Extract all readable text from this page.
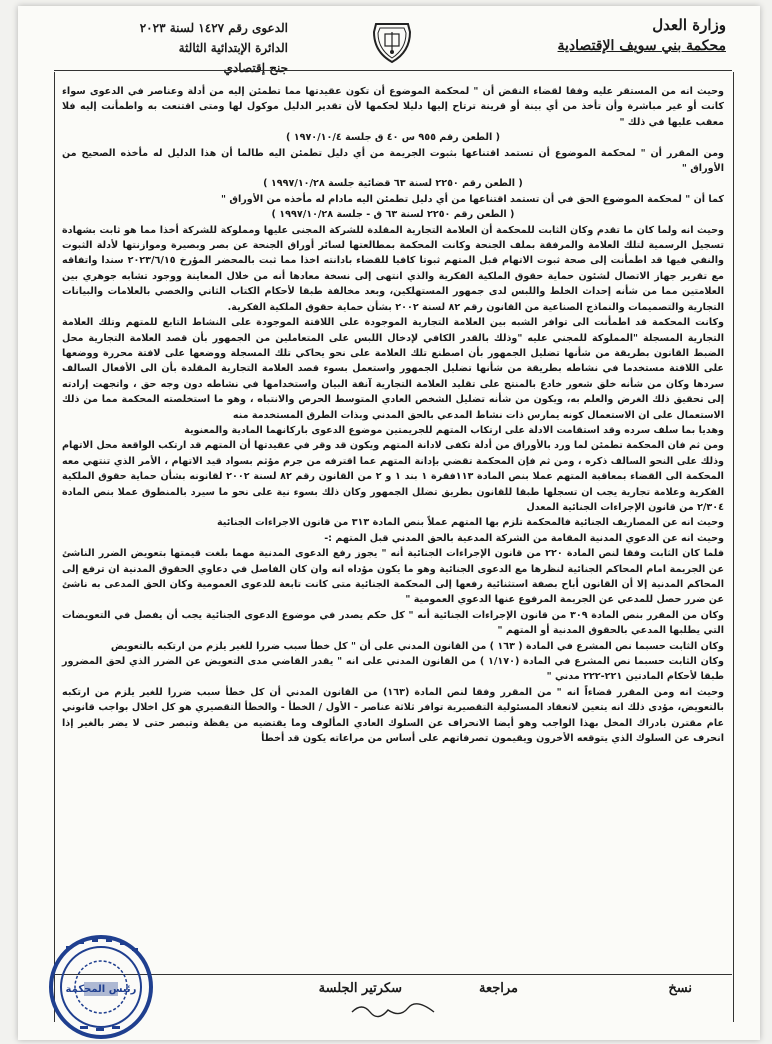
وزارة العدل
محكمة بني سويف الإقتصادية
الدعوى رقم ١٤٢٧ لسنة ٢٠٢٣
الدائرة الإبتدائية الثالثة
جنح إقتصادي

وحيث انه من المستقر عليه وفقا لقضاء النقض أن " لمحكمة الموضوع أن تكون عقيدتها مما تطمئن إليه من أدلة وعناصر في الدعوى سواء كانت أو غير مباشرة وأن تأخذ من أي بينة أو قرينة ترتاح إليها دليلا لحكمها لأن تقدير الدليل موكول لها ومتى اقتنعت به واطمأنت إليه فلا معقب عليها في ذلك "

( الطعن رقم ٩٥٥ س ٤٠ ق جلسة ١٩٧٠/١٠/٤ )

ومن المقرر أن " لمحكمة الموضوع أن تستمد اقتناعها بثبوت الجريمة من أي دليل تطمئن اليه طالما أن هذا الدليل له مأخذه الصحيح من الأوراق "

( الطعن رقم ٢٢٥٠ لسنة ٦٣ قضائية جلسة ١٩٩٧/١٠/٢٨ )

كما أن " لمحكمة الموضوع الحق في أن تستمد اقتناعها من أي دليل تطمئن اليه مادام له مأخذه من الأوراق "

( الطعن رقم ٢٢٥٠ لسنة ٦٣ ق - جلسة ١٩٩٧/١٠/٢٨ )

وحيث انه ولما كان ما تقدم وكان الثابت للمحكمة أن العلامة التجارية المقلدة للشركة المجنى عليها ومملوكة للشركة أخذا مما هو ثابت بشهادة تسجيل الرسمية لتلك العلامة والمرفقة بملف الجنحة وكانت المحكمة بمطالعتها لسائر أوراق الجنحة عن بصر وبصيرة وموازنتها لأدلة الثبوت والنفي فيها قد اطمأنت إلى صحة ثبوت الاتهام قبل المتهم ثبوتا كافيا للقضاء بادانته اخذا مما ثبت بالمحضر المؤرخ ٢٠٢٣/٦/١٥ سندا واتفاقه مع تقرير جهاز الاتصال لشئون حماية حقوق الملكية الفكرية والذي انتهى إلى نسخة معادها أنه من خلال المعاينة ووجود تشابه جوهري بين العلامتين مما من شأنه إحداث الخلط واللبس لدى جمهور المستهلكين، وبعد مخالفة طبقا لأحكام الكتاب الثاني والخصي بالعلامات والبيانات التجارية والتصميمات والنماذج الصناعية من القانون رقم ٨٢ لسنة ٢٠٠٢ بشأن حماية حقوق الملكية الفكرية.

وكانت المحكمة قد اطمأنت الى توافر الشبه بين العلامة التجارية الموجودة على اللافتة الموجودة على النشاط التابع للمتهم وتلك العلامة التجارية المسجلة "المملوكة للمجني عليه "وذلك بالقدر الكافي لإدخال اللبس على المتعاملين من الجمهور بأن قصد العلامة التجارية محل الضبط القانون بطريقة من شأنها تضليل الجمهور بأن اصطنع تلك العلامة على نحو يحاكي تلك المسجلة ووضعها على لافتة محررة ووضعها على اللافتة مستخدما في نشاطه بطريقة من شأنها تضليل الجمهور واستعمل بسوء قصد العلامة التجارية المقلدة بأن الى الأفعال السالف سردها وكان من شأنه خلق شعور خادع بالمنتج على تقليد العلامة التجارية آنفة البيان واستخدامها في نشاطه دون وجه حق ، واتجهت إرادته إلى تحقيق ذلك الغرض والعلم به، ويكون من شأنه تضليل الشخص العادي المتوسط الحرص والانتباه ، وهو ما استخلصته المحكمة مما من ذلك الاستعمال على ان الاستعمال كونه يمارس ذات نشاط المدعي بالحق المدني وبذات الطرق المستخدمة منه

وهديا بما سلف سرده وقد استقامت الادلة على ارتكاب المتهم للجريمتين موضوع الدعوى باركانهما المادية والمعنوية

ومن ثم فان المحكمة تطمئن لما ورد بالأوراق من أدلة تكفى لادانة المتهم ويكون قد وقر في عقيدتها أن المتهم قد ارتكب الواقعة محل الاتهام وذلك على النحو السالف ذكره ، ومن ثم فإن المحكمة تقضي بإدانة المتهم عما اقترفه من جرم مؤثم بسواد قيد الاتهام ، الأمر الذي تنتهي معه المحكمة الى القضاء بمعاقبة المتهم عملا بنص المادة ١١٣فقرة ١ بند ١ و ٢ من القانون رقم ٨٢ لسنة ٢٠٠٢ لقانونه بشأن حماية حقوق الملكية الفكرية وعلامة تجارية يجب ان تسجلها طبقا للقانون بطريق تضلل الجمهور وكان ذلك بسوء نية على نحو ما سيرد بالمنطوق عملا بنص المادة ٢/٣٠٤ من قانون الإجراءات الجنائية المعدل

وحيث انه عن المصاريف الجنائية فالمحكمة تلزم بها المتهم عملاً بنص المادة ٣١٣ من قانون الاجراءات الجنائية

وحيث انه عن الدعوي المدنية المقامة من الشركة المدعية بالحق المدني قبل المتهم :-

فلما كان الثابت وفقا لنص المادة ٢٢٠ من قانون الإجراءات الجنائية أنه " يجوز رفع الدعوى المدنية مهما بلغت قيمتها بتعويض الضرر الناشئ عن الجريمة امام المحاكم الجنائية لنظرها مع الدعوى الجنائية وهو ما يكون مؤداه انه وان كان الفاصل في دعاوي الحقوق المدنية ان ترفع إلى المحاكم المدنية إلا أن القانون أباح بصفة استثنائية رفعها إلى المحكمة الجنائية متى كانت تابعة للدعوى العمومية وكان الحق المدعى به ناشئ عن ضرر حصل للمدعي عن الجريمة المرفوع عنها الدعوي العمومية "

وكان من المقرر بنص المادة ٣٠٩ من قانون الإجراءات الجنائية أنه " كل حكم يصدر في موضوع الدعوى الجنائية يجب أن يفصل في التعويضات التي يطلبها المدعي بالحقوق المدنية أو المتهم "

وكان الثابت حسبما نص المشرع في المادة ( ١٦٣ ) من القانون المدني على أن " كل خطأ سبب ضررا للغير يلزم من ارتكبه بالتعويض

وكان الثابت حسبما نص المشرع في المادة (١/١٧٠ ) من القانون المدني على انه " يقدر القاضي مدى التعويض عن الضرر الذي لحق المضرور طبقا لأحكام المادتين ٢٢١-٢٢٢ مدني "

وحيث انه ومن المقرر قضاءاً انه " من المقرر وفقا لنص المادة (١٦٣) من القانون المدني أن كل خطأ سبب ضررا للغير يلزم من ارتكبه بالتعويض، مؤدى ذلك انه يتعين لانعقاد المسئولية التقصيرية توافر ثلاثة عناصر - الأول / الخطأ - والخطأ التقصيري هو كل اخلال بواجب قانوني عام مقترن بادراك المخل بهذا الواجب وهو أيضا الانحراف عن السلوك العادي المألوف وما يقتضيه من يقظة وتبصر حتى لا يضر بالغير إذا انحرف عن السلوك الذي يتوقعه الأخرون ويقيمون تصرفاتهم على أساس من مراعاته يكون قد أخطأ

نسخ
مراجعة
سكرتير الجلسة
رئيس المحكمة
